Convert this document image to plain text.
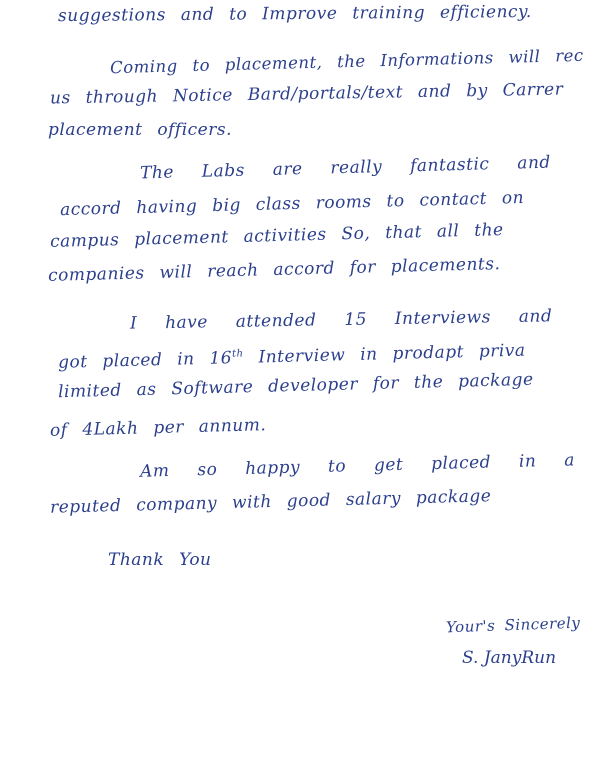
suggestions and to Improve training efficiency.
Coming to placement, the Informations will rec
us through Notice Bard/portals/text and by Carrer
placement officers.
The Labs are really fantastic and
accord having big class rooms to contact on
campus placement activities So, that all the
companies will reach accord for placements.
I have attended 15 Interviews and
got placed in 16th Interview in prodapt priva
limited as Software developer for the package
of 4Lakh per annum.
Am so happy to get placed in a
reputed company with good salary package
Thank You
Your's Sincerely
S. JanyRun
